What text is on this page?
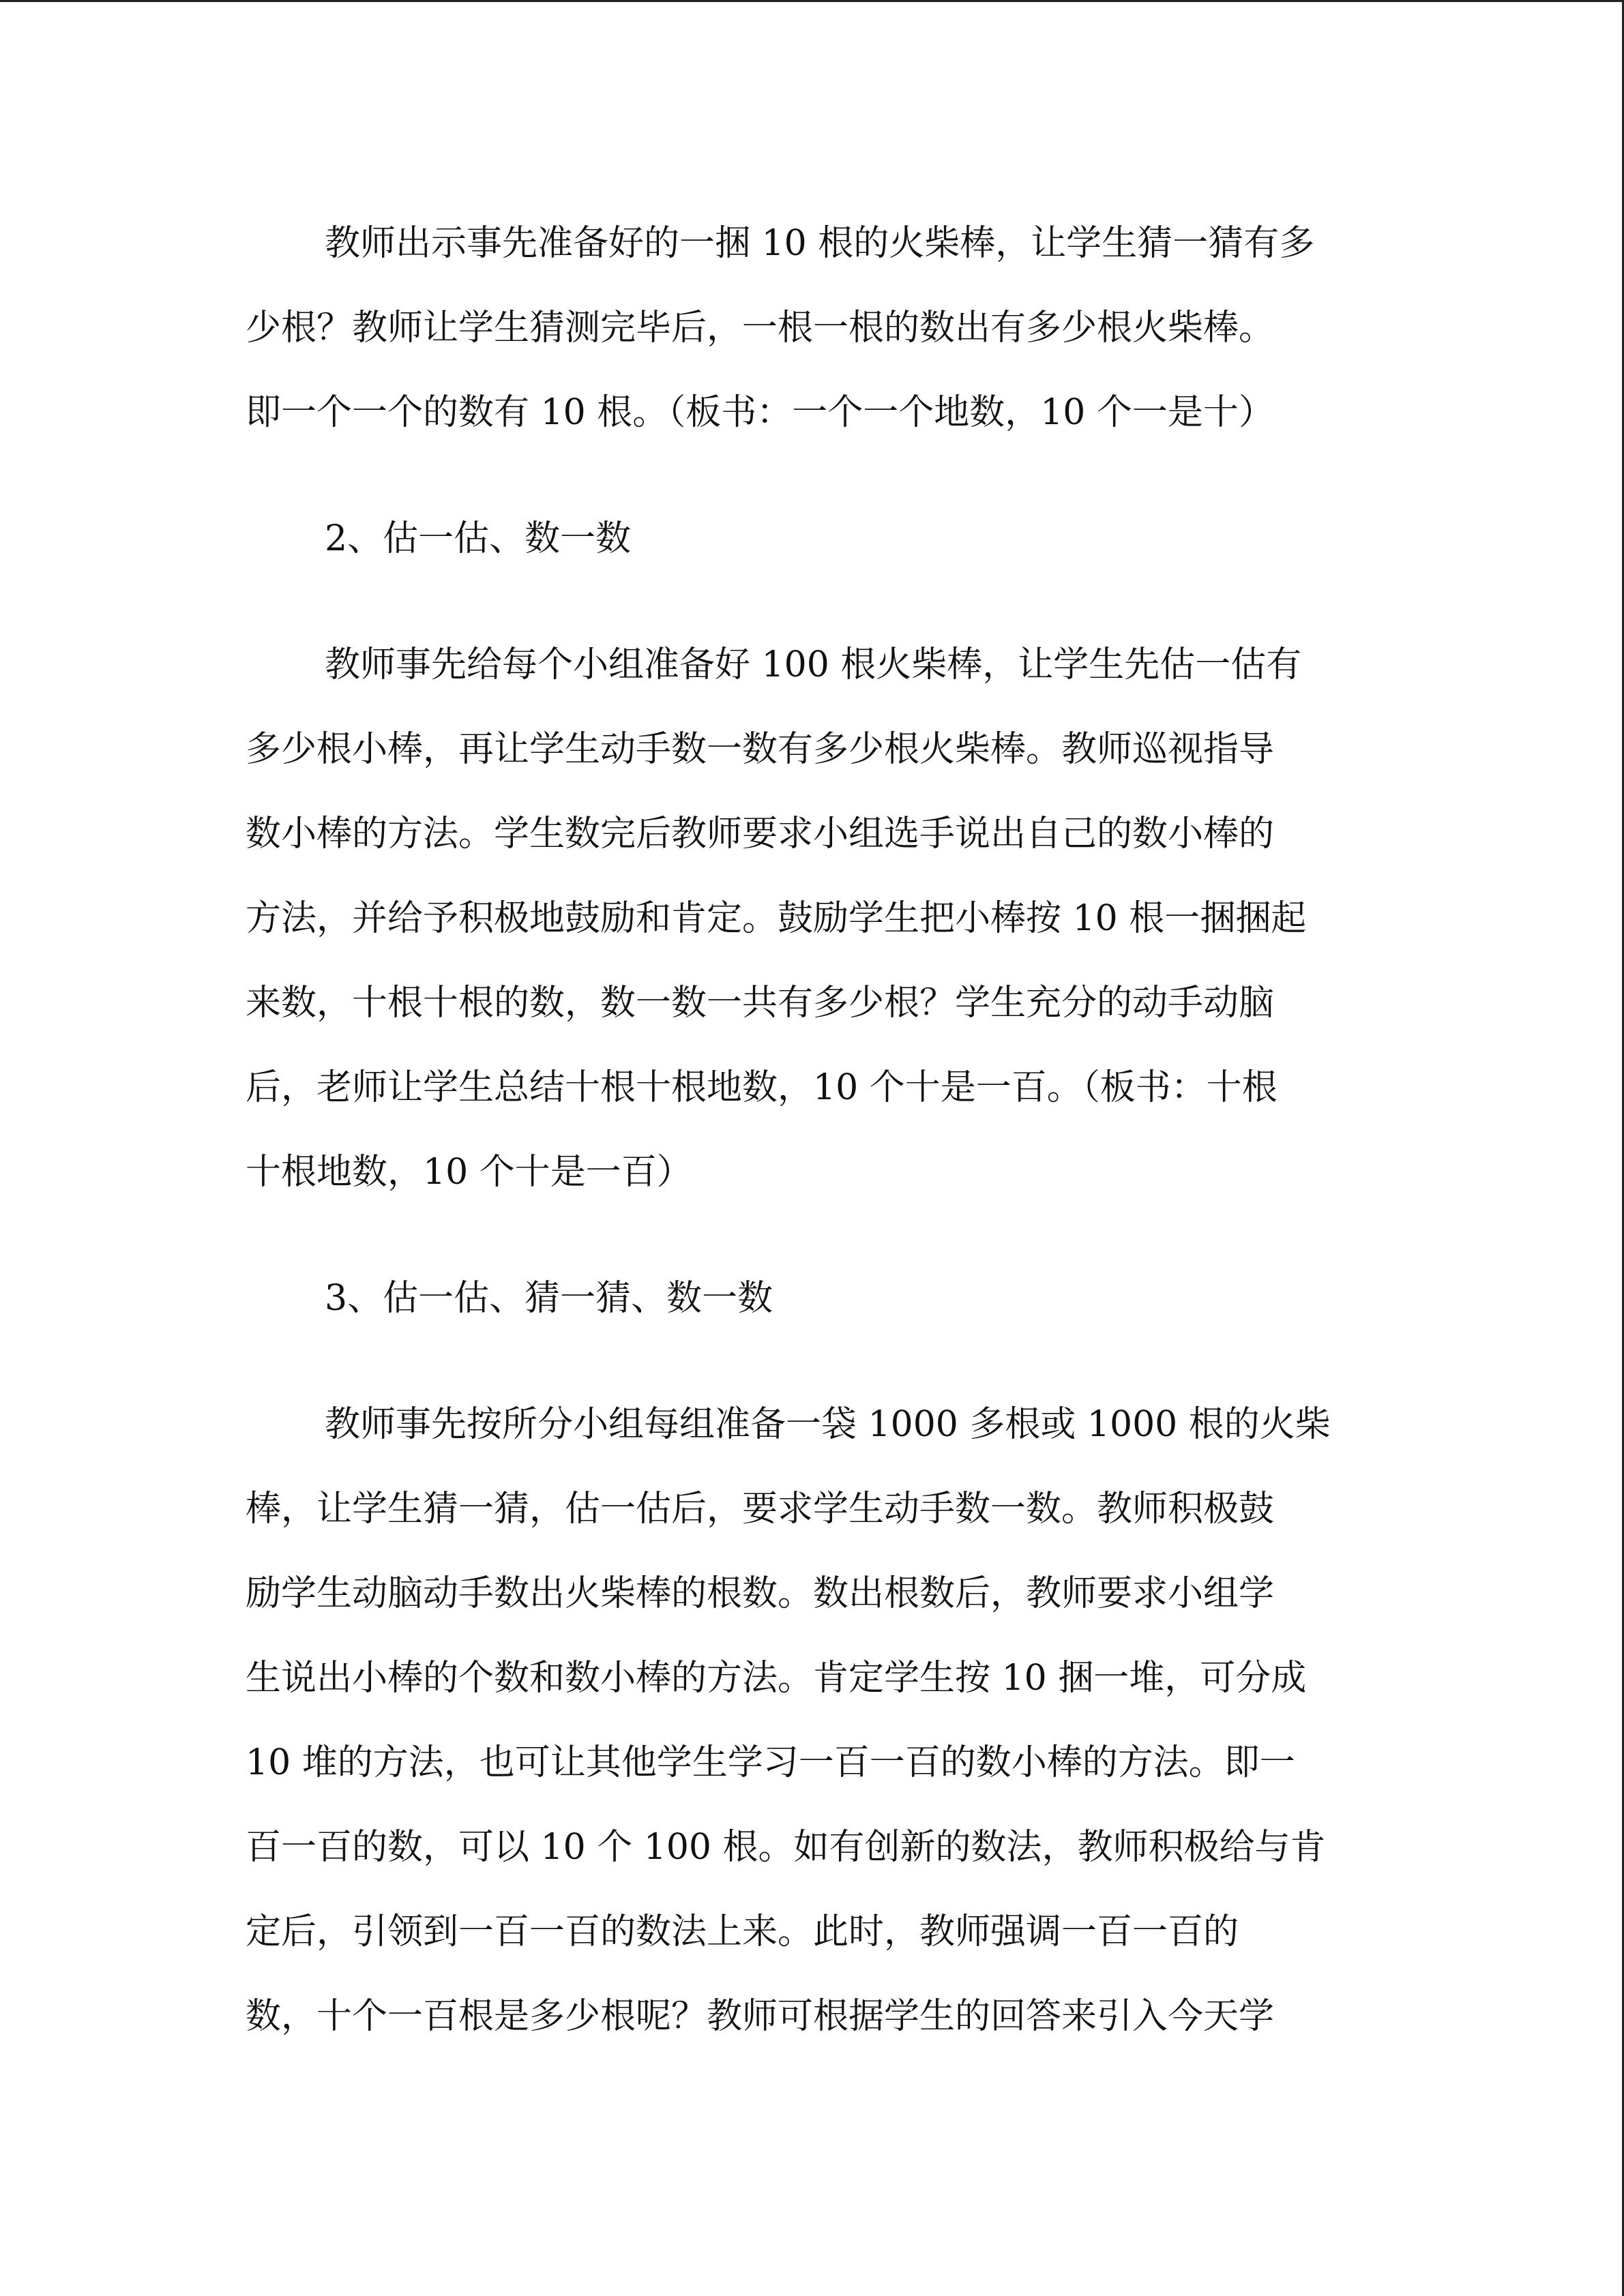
教师出示事先准备好的一捆 10 根的火柴棒，让学生猜一猜有多
少根？教师让学生猜测完毕后，一根一根的数出有多少根火柴棒。
即一个一个的数有 10 根。（板书：一个一个地数，10 个一是十）
2、估一估、数一数
教师事先给每个小组准备好 100 根火柴棒，让学生先估一估有
多少根小棒，再让学生动手数一数有多少根火柴棒。教师巡视指导
数小棒的方法。学生数完后教师要求小组选手说出自己的数小棒的
方法，并给予积极地鼓励和肯定。鼓励学生把小棒按 10 根一捆捆起
来数，十根十根的数，数一数一共有多少根？学生充分的动手动脑
后，老师让学生总结十根十根地数，10 个十是一百。（板书：十根
十根地数，10 个十是一百）
3、估一估、猜一猜、数一数
教师事先按所分小组每组准备一袋 1000 多根或 1000 根的火柴
棒，让学生猜一猜，估一估后，要求学生动手数一数。教师积极鼓
励学生动脑动手数出火柴棒的根数。数出根数后，教师要求小组学
生说出小棒的个数和数小棒的方法。肯定学生按 10 捆一堆，可分成
10 堆的方法，也可让其他学生学习一百一百的数小棒的方法。即一
百一百的数，可以 10 个 100 根。如有创新的数法，教师积极给与肯
定后，引领到一百一百的数法上来。此时，教师强调一百一百的
数，十个一百根是多少根呢？教师可根据学生的回答来引入今天学
